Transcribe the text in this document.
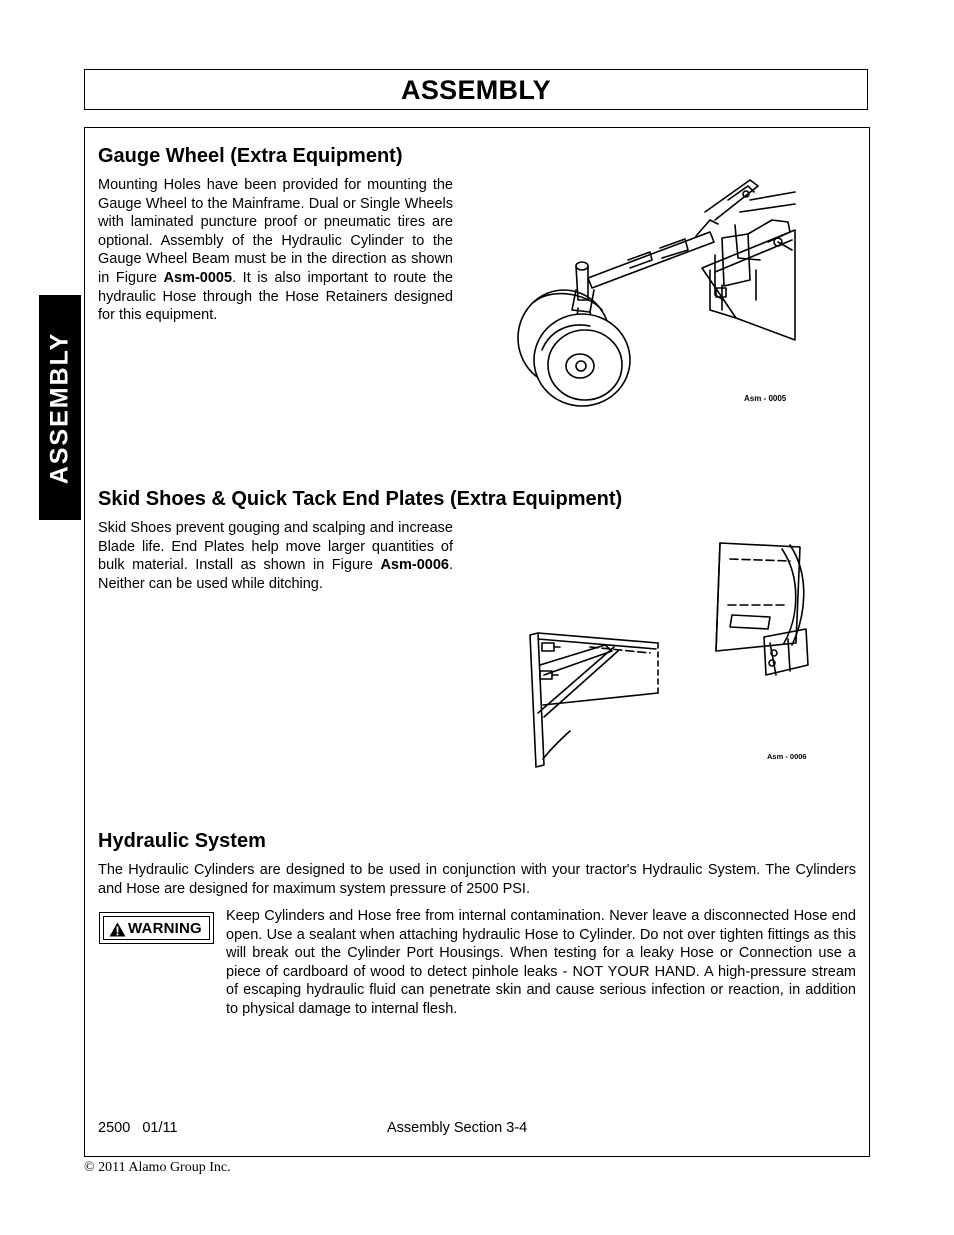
ASSEMBLY
ASSEMBLY
Gauge Wheel (Extra Equipment)

Mounting Holes have been provided for mounting the Gauge Wheel to the Mainframe. Dual or Single Wheels with laminated puncture proof or pneumatic tires are optional. Assembly of the Hydraulic Cylinder to the Gauge Wheel Beam must be in the direction as shown in Figure Asm-0005. It is also important to route the hydraulic Hose through the Hose Retainers designed for this equipment.

Asm - 0005
Skid Shoes & Quick Tack End Plates (Extra Equipment)

Skid Shoes prevent gouging and scalping and increase Blade life. End Plates help move larger quantities of bulk material. Install as shown in Figure Asm-0006. Neither can be used while ditching.

Asm - 0006
Hydraulic System

The Hydraulic Cylinders are designed to be used in conjunction with your tractor's Hydraulic System. The Cylinders and Hose are designed for maximum system pressure of 2500 PSI.

WARNING

Keep Cylinders and Hose free from internal contamination. Never leave a disconnected Hose end open. Use a sealant when attaching hydraulic Hose to Cylinder. Do not over tighten fittings as this will break out the Cylinder Port Housings. When testing for a leaky Hose or Connection use a piece of cardboard of wood to detect pinhole leaks - NOT YOUR HAND. A high-pressure stream of escaping hydraulic fluid can penetrate skin and cause serious infection or reaction, in addition to physical damage to internal flesh.

2500   01/11	Assembly Section 3-4
© 2011 Alamo Group Inc.
